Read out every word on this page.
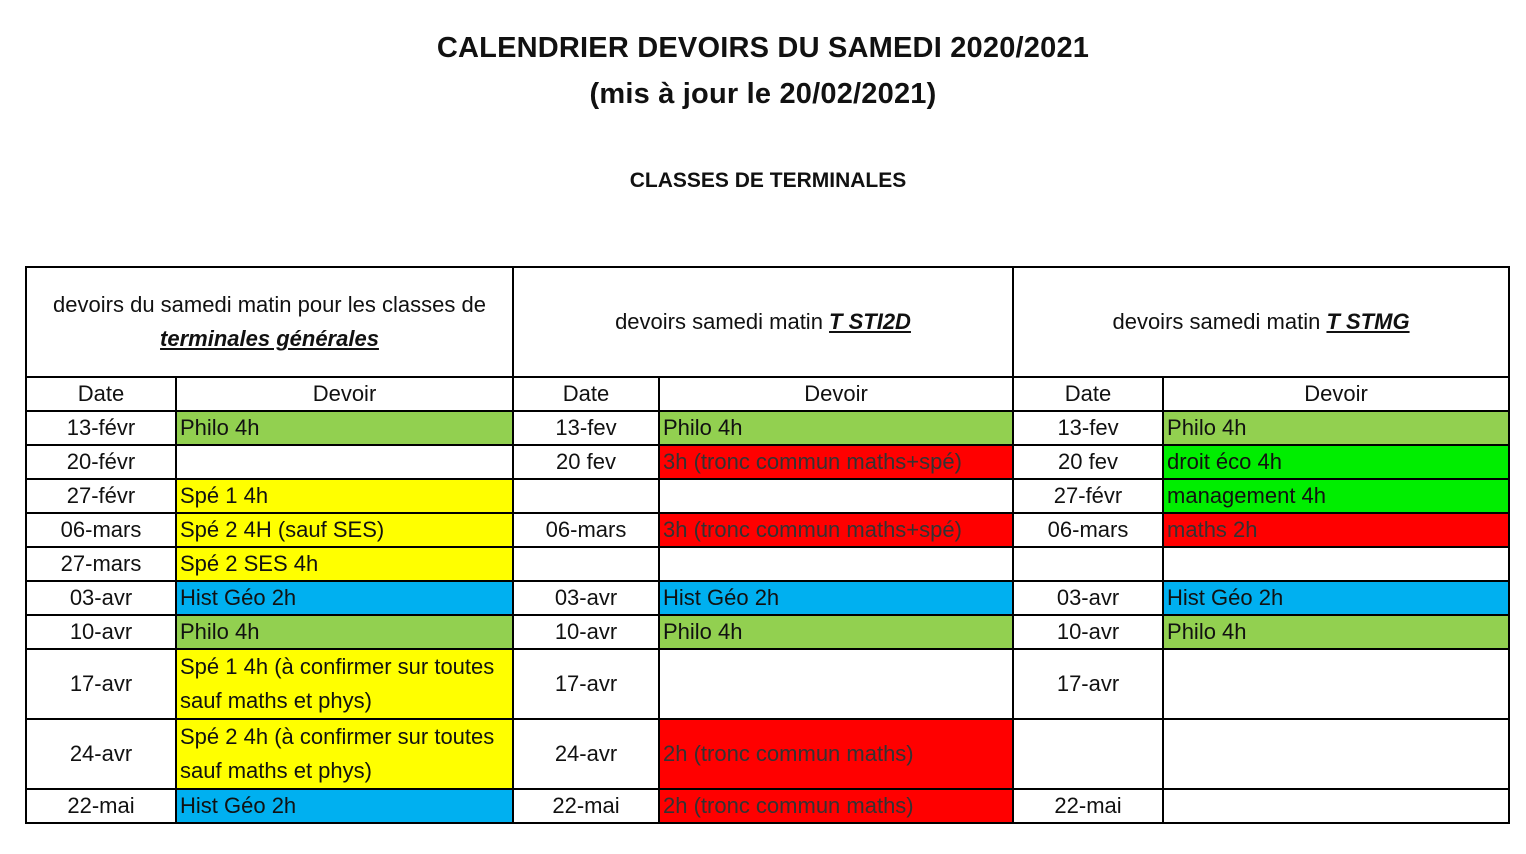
CALENDRIER DEVOIRS DU SAMEDI 2020/2021
(mis à jour le 20/02/2021)
CLASSES DE TERMINALES
devoirs du samedi matin pour les classes de terminales générales		devoirs samedi matin T STI2D		devoirs samedi matin T STMG	
Date	Devoir	Date	Devoir	Date	Devoir
13-févr	Philo 4h	13-fev	Philo 4h	13-fev	Philo 4h
20-févr		20 fev	3h (tronc commun maths+spé)	20 fev	droit éco 4h
27-févr	Spé 1 4h			27-févr	management 4h
06-mars	Spé 2 4H (sauf SES)	06-mars	3h (tronc commun maths+spé)	06-mars	maths 2h
27-mars	Spé 2 SES 4h				
03-avr	Hist Géo 2h	03-avr	Hist Géo 2h	03-avr	Hist Géo 2h
10-avr	Philo 4h	10-avr	Philo 4h	10-avr	Philo 4h
17-avr	Spé 1 4h (à confirmer sur toutes sauf maths et phys)	17-avr		17-avr	
24-avr	Spé 2 4h (à confirmer sur toutes sauf maths et phys)	24-avr	2h (tronc commun maths)		
22-mai	Hist Géo 2h	22-mai	2h (tronc commun maths)	22-mai	
